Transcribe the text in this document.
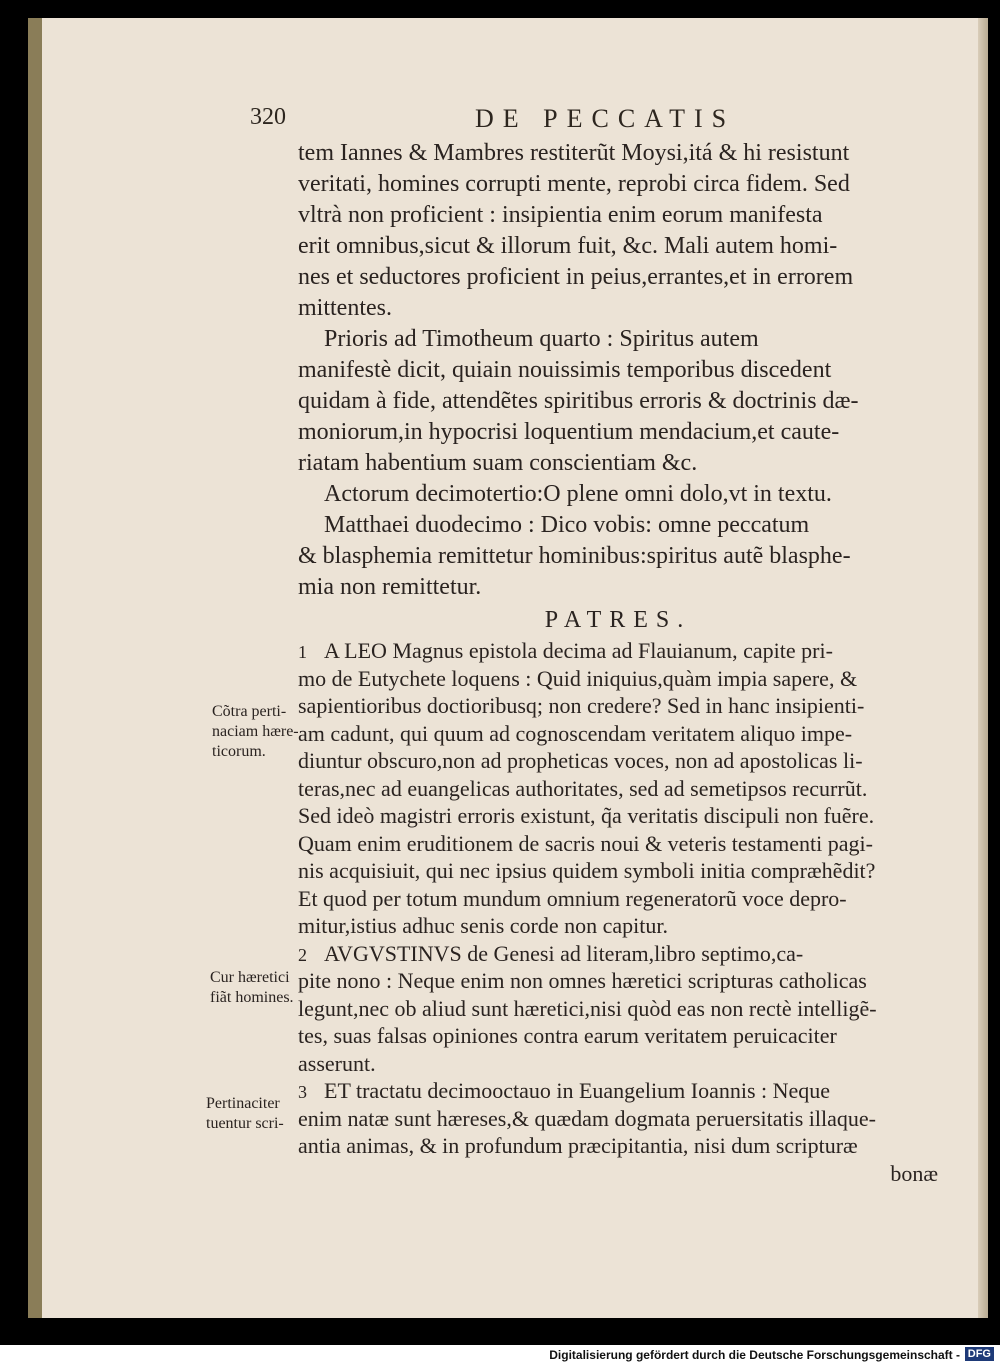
320	DE PECCATIS
tem Iannes & Mambres restiterũt Moysi,itá & hi resistunt
veritati, homines corrupti mente, reprobi circa fidem. Sed
vltrà non proficient : insipientia enim eorum manifesta
erit omnibus,sicut & illorum fuit, &c. Mali autem homi-
nes et seductores proficient in peius,errantes,et in errorem
mittentes.
Prioris ad Timotheum quarto : Spiritus autem
manifestè dicit, quiain nouissimis temporibus discedent
quidam à fide, attendẽtes spiritibus erroris & doctrinis dæ-
moniorum,in hypocrisi loquentium mendacium,et caute-
riatam habentium suam conscientiam &c.
Actorum decimotertio:O plene omni dolo,vt in textu.
Matthaei duodecimo : Dico vobis: omne peccatum
& blasphemia remittetur hominibus:spiritus autẽ blasphe-
mia non remittetur.
PATRES.
1 A LEO Magnus epistola decima ad Flauianum, capite pri-
mo de Eutychete loquens : Quid iniquius,quàm impia sapere, &
sapientioribus doctioribusq; non credere? Sed in hanc insipienti-
am cadunt, qui quum ad cognoscendam veritatem aliquo impe-
diuntur obscuro,non ad propheticas voces, non ad apostolicas li-
teras,nec ad euangelicas authoritates, sed ad semetipsos recurrũt.
Sed ideò magistri erroris existunt, q̃a veritatis discipuli non fuẽre.
Quam enim eruditionem de sacris noui & veteris testamenti pagi-
nis acquisiuit, qui nec ipsius quidem symboli initia compræhẽdit?
Et quod per totum mundum omnium regeneratorũ voce depro-
mitur,istius adhuc senis corde non capitur.
2 AVGVSTINVS de Genesi ad literam,libro septimo,ca-
pite nono : Neque enim non omnes hæretici scripturas catholicas
legunt,nec ob aliud sunt hæretici,nisi quòd eas non rectè intelligẽ-
tes, suas falsas opiniones contra earum veritatem peruicaciter
asserunt.
3 ET tractatu decimooctauo in Euangelium Ioannis : Neque
enim natæ sunt hæreses,& quædam dogmata peruersitatis illaque-
antia animas, & in profundum præcipitantia, nisi dum scripturæ
bonæ
Cõtra perti-
naciam hære-
ticorum.
Cur hæretici
fiãt homines.
Pertinaciter
tuentur scri-
Digitalisierung gefördert durch die Deutsche Forschungsgemeinschaft - DFG
